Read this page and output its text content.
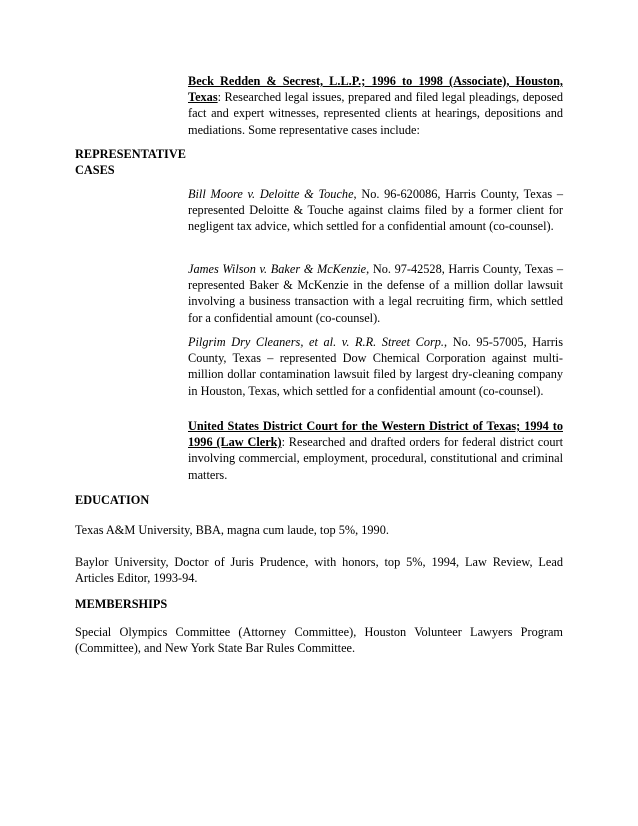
Beck Redden & Secrest, L.L.P.; 1996 to 1998 (Associate), Houston, Texas: Researched legal issues, prepared and filed legal pleadings, deposed fact and expert witnesses, represented clients at hearings, depositions and mediations. Some representative cases include:
REPRESENTATIVE CASES
Bill Moore v. Deloitte & Touche, No. 96-620086, Harris County, Texas – represented Deloitte & Touche against claims filed by a former client for negligent tax advice, which settled for a confidential amount (co-counsel).
James Wilson v. Baker & McKenzie, No. 97-42528, Harris County, Texas – represented Baker & McKenzie in the defense of a million dollar lawsuit involving a business transaction with a legal recruiting firm, which settled for a confidential amount (co-counsel).
Pilgrim Dry Cleaners, et al. v. R.R. Street Corp., No. 95-57005, Harris County, Texas – represented Dow Chemical Corporation against multi-million dollar contamination lawsuit filed by largest dry-cleaning company in Houston, Texas, which settled for a confidential amount (co-counsel).
United States District Court for the Western District of Texas; 1994 to 1996 (Law Clerk): Researched and drafted orders for federal district court involving commercial, employment, procedural, constitutional and criminal matters.
EDUCATION
Texas A&M University, BBA, magna cum laude, top 5%, 1990.
Baylor University, Doctor of Juris Prudence, with honors, top 5%, 1994, Law Review, Lead Articles Editor, 1993-94.
MEMBERSHIPS
Special Olympics Committee (Attorney Committee), Houston Volunteer Lawyers Program (Committee), and New York State Bar Rules Committee.
